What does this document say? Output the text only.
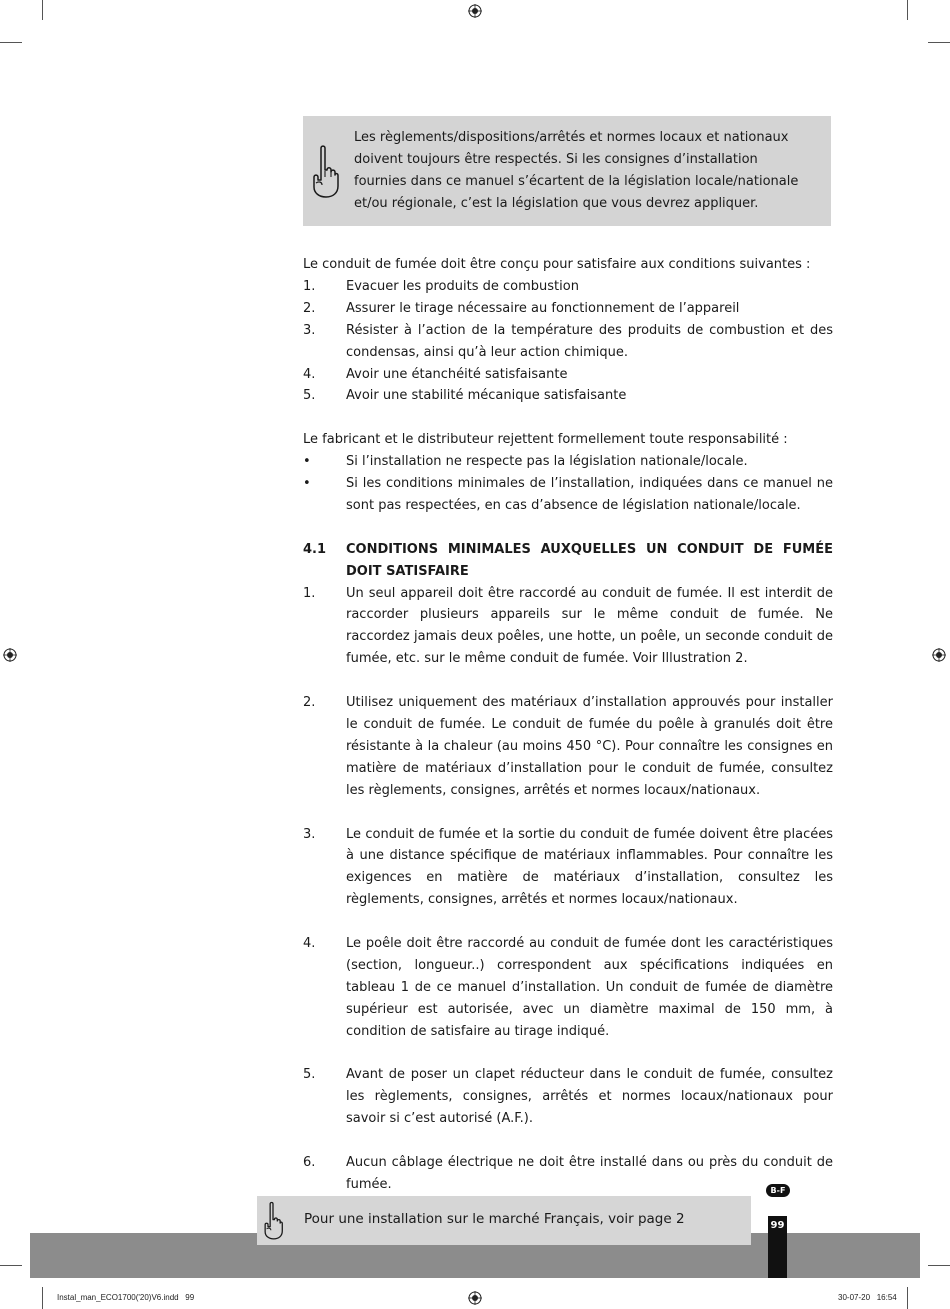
Les règlements/dispositions/arrêtés et normes locaux et nationaux doivent toujours être respectés. Si les consignes d’installation fournies dans ce manuel s’écartent de la législation locale/nationale et/ou régionale, c’est la législation que vous devrez appliquer.

Le conduit de fumée doit être conçu pour satisfaire aux conditions suivantes :

1.	Evacuer les produits de combustion
2.	Assurer le tirage nécessaire au fonctionnement de l’appareil
3.	Résister à l’action de la température des produits de combustion et des condensas, ainsi qu’à leur action chimique.
4.	Avoir une étanchéité satisfaisante
5.	Avoir une stabilité mécanique satisfaisante

Le fabricant et le distributeur rejettent formellement toute responsabilité :

•	Si l’installation ne respecte pas la législation nationale/locale.
•	Si les conditions minimales de l’installation, indiquées dans ce manuel ne sont pas respectées, en cas d’absence de législation nationale/locale.
4.1	CONDITIONS MINIMALES AUXQUELLES UN CONDUIT DE FUMÉE DOIT SATISFAIRE
1.	Un seul appareil doit être raccordé au conduit de fumée. Il est interdit de raccorder plusieurs appareils sur le même conduit de fumée. Ne raccordez jamais deux poêles, une hotte, un poêle, un seconde conduit de fumée, etc. sur le même conduit de fumée. Voir Illustration 2.
2.	Utilisez uniquement des matériaux d’installation approuvés pour installer le conduit de fumée. Le conduit de fumée du poêle à granulés doit être résistante à la chaleur (au moins 450 °C). Pour connaître les consignes en matière de matériaux d’installation pour le conduit de fumée, consultez les règlements, consignes, arrêtés et normes locaux/nationaux.
3.	Le conduit de fumée et la sortie du conduit de fumée doivent être placées à une distance spécifique de matériaux inflammables. Pour connaître les exigences en matière de matériaux d’installation, consultez les règlements, consignes, arrêtés et normes locaux/nationaux.
4.	Le poêle doit être raccordé au conduit de fumée dont les caractéristiques (section, longueur..) correspondent aux spécifications indiquées en tableau 1 de ce manuel d’installation. Un conduit de fumée de diamètre supérieur est autorisée, avec un diamètre maximal de 150 mm, à condition de satisfaire au tirage indiqué.
5.	Avant de poser un clapet réducteur dans le conduit de fumée, consultez les règlements, consignes, arrêtés et normes locaux/nationaux pour savoir si c’est autorisé (A.F.).
6.	Aucun câblage électrique ne doit être installé dans ou près du conduit de fumée.
Pour une installation sur le marché Français, voir page 2
B-F
99
Instal_man_ECO1700('20)V6.indd   99	30-07-20   16:54
